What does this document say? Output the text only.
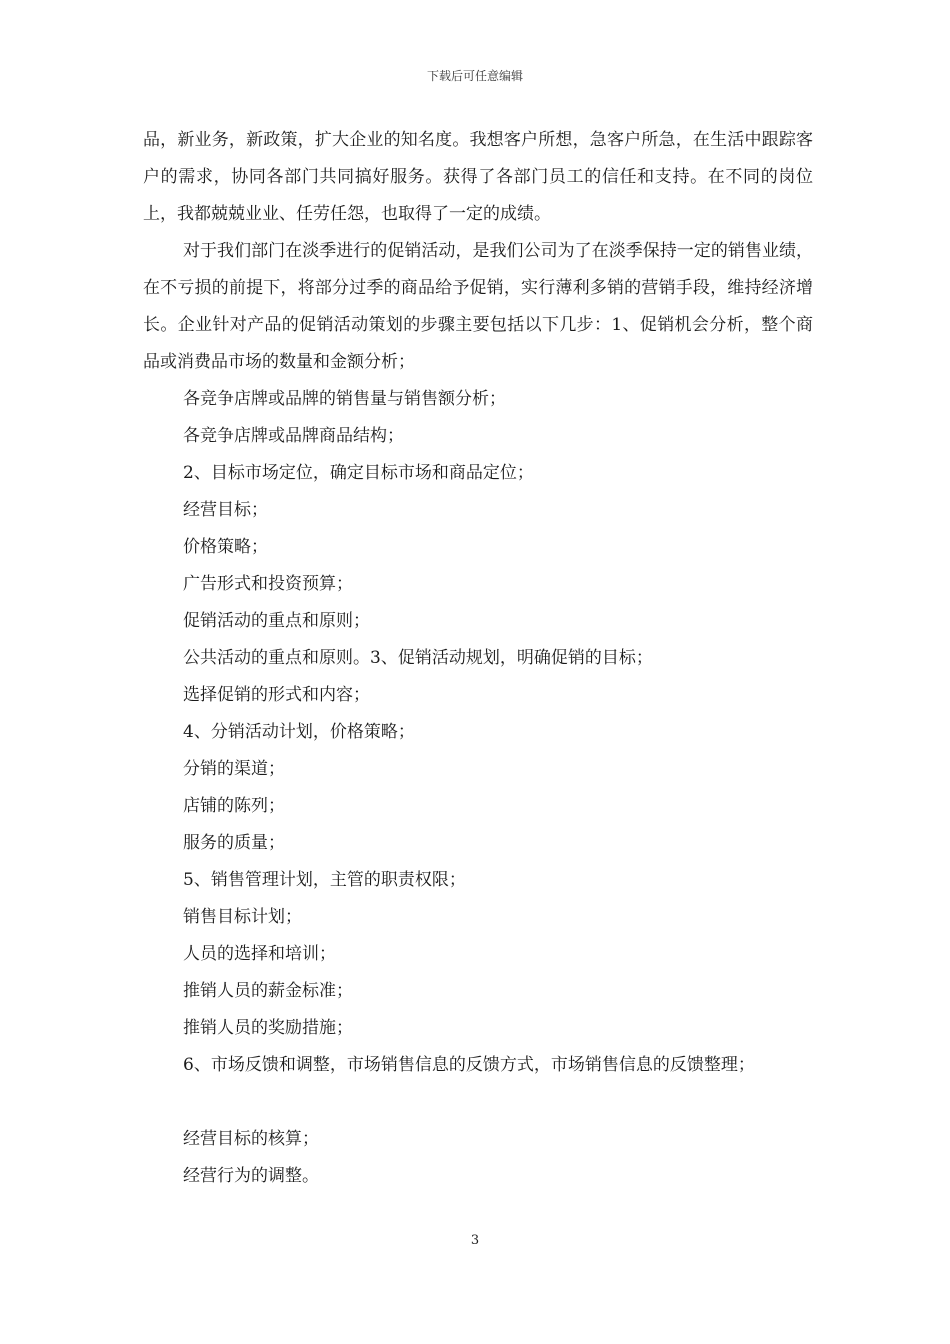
下载后可任意编辑

品，新业务，新政策，扩大企业的知名度。我想客户所想，急客户所急，在生活中跟踪客户的需求，协同各部门共同搞好服务。获得了各部门员工的信任和支持。在不同的岗位上，我都兢兢业业、任劳任怨，也取得了一定的成绩。

对于我们部门在淡季进行的促销活动，是我们公司为了在淡季保持一定的销售业绩，在不亏损的前提下，将部分过季的商品给予促销，实行薄利多销的营销手段，维持经济增长。企业针对产品的促销活动策划的步骤主要包括以下几步：1、促销机会分析，整个商品或消费品市场的数量和金额分析；

各竞争店牌或品牌的销售量与销售额分析；

各竞争店牌或品牌商品结构；

2、目标市场定位，确定目标市场和商品定位；

经营目标；

价格策略；

广告形式和投资预算；

促销活动的重点和原则；

公共活动的重点和原则。3、促销活动规划，明确促销的目标；

选择促销的形式和内容；

4、分销活动计划，价格策略；

分销的渠道；

店铺的陈列；

服务的质量；

5、销售管理计划，主管的职责权限；

销售目标计划；

人员的选择和培训；

推销人员的薪金标准；

推销人员的奖励措施；

6、市场反馈和调整，市场销售信息的反馈方式，市场销售信息的反馈整理；

经营目标的核算；

经营行为的调整。

3
